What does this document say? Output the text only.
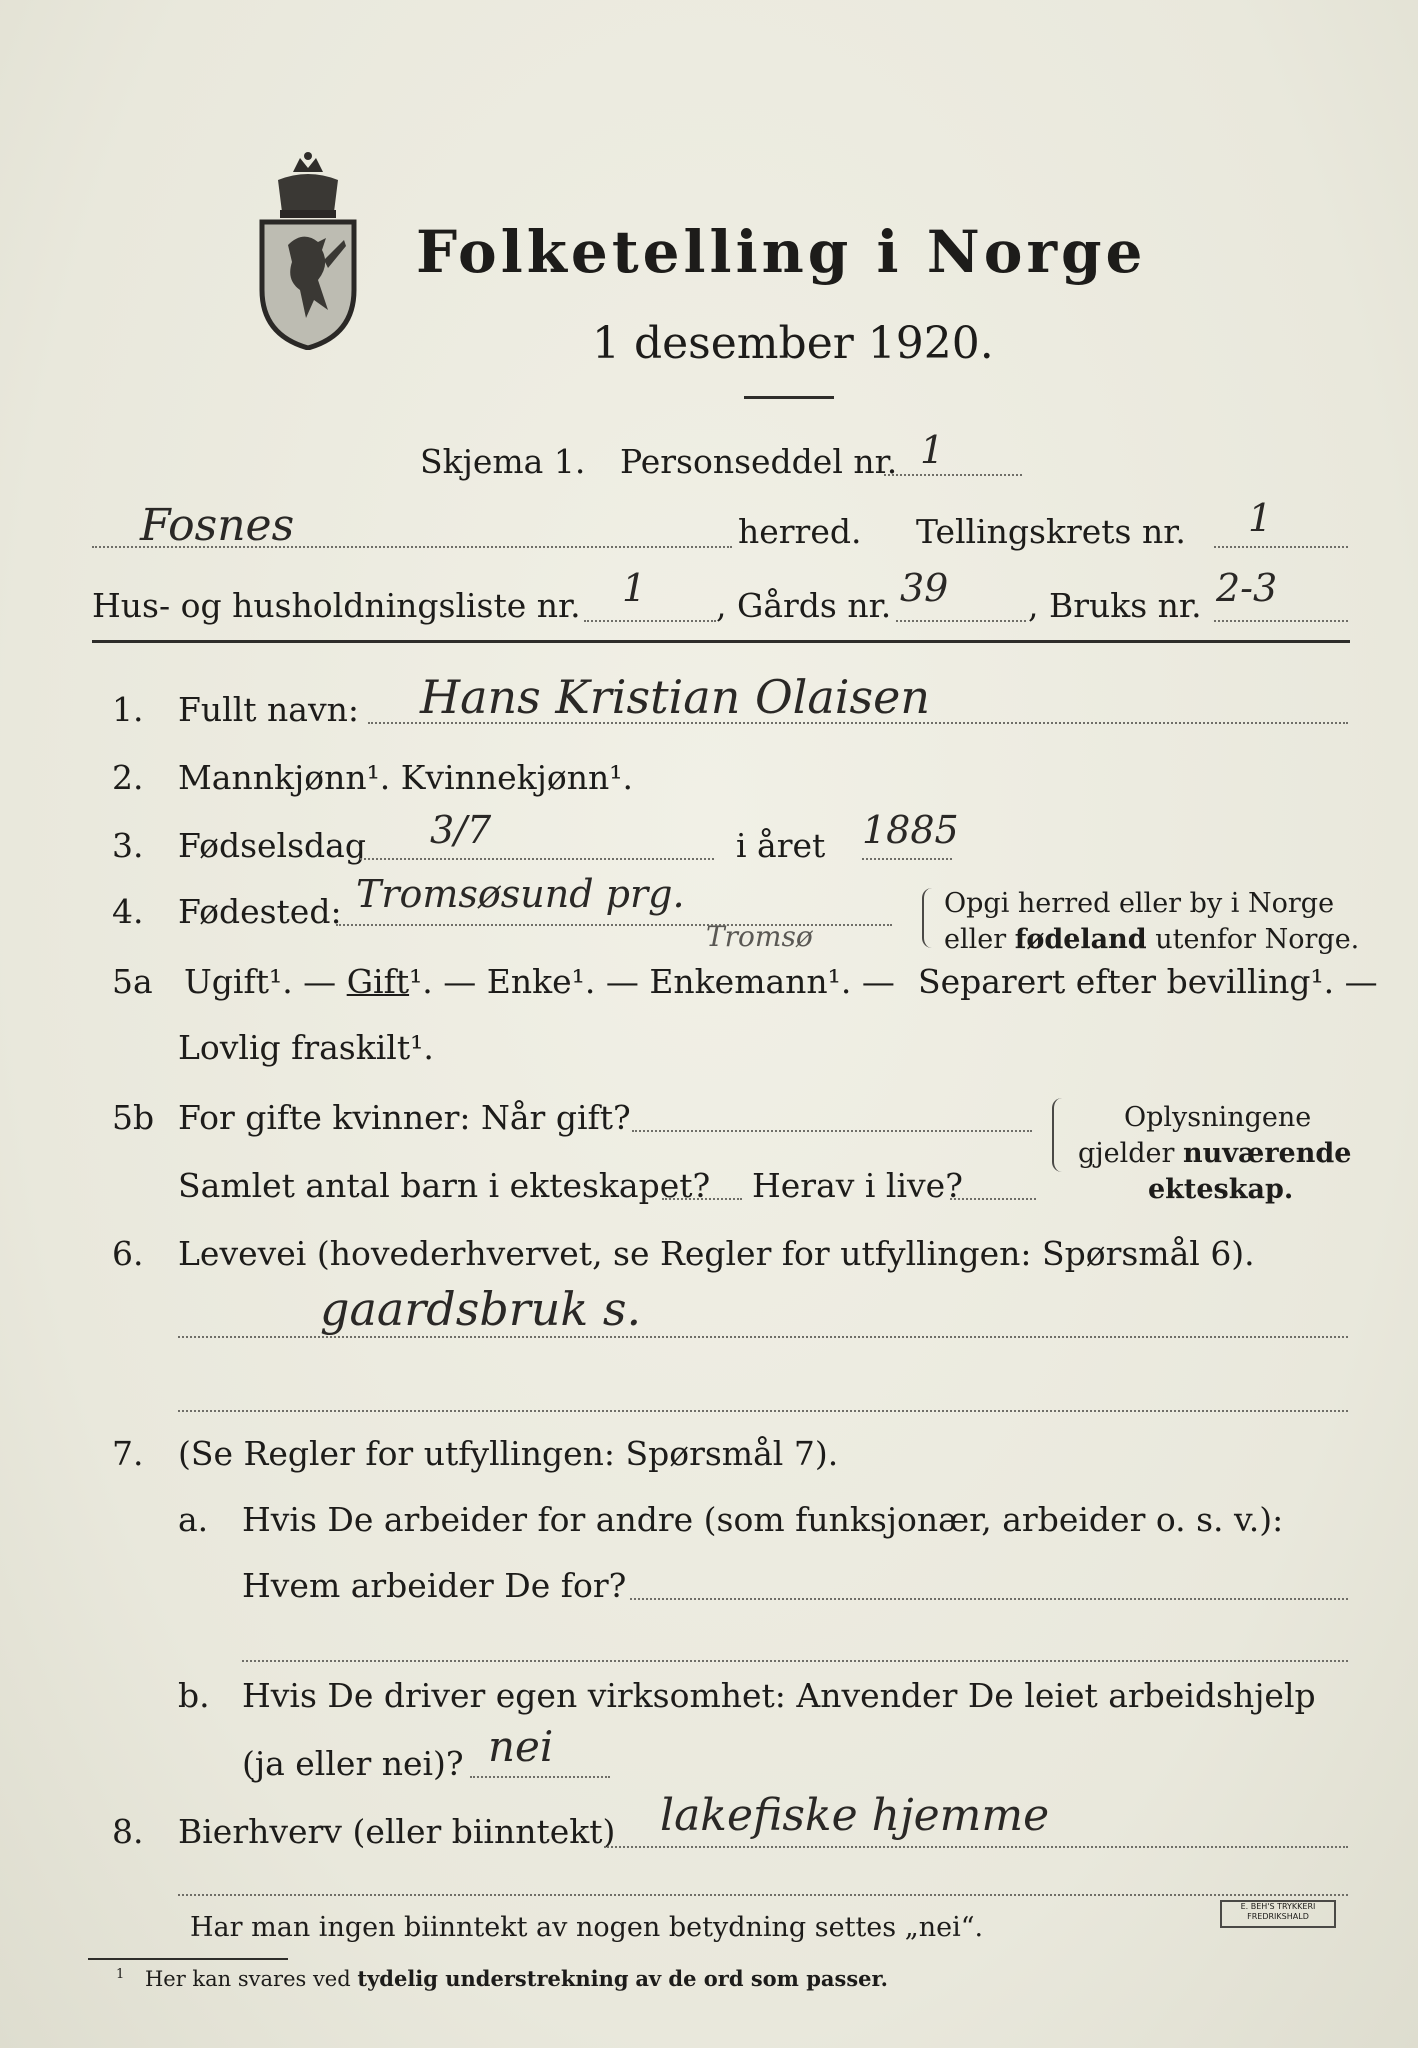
Folketelling i Norge
1 desember 1920.
Skjema 1. Personseddel nr. 1
Fosnes	herred. Tellingskrets nr. 1
Hus- og husholdningsliste nr. 1 , Gårds nr. 39 , Bruks nr. 2-3
1. Fullt navn: Hans Kristian Olaisen
2. Mannkjønn¹. Kvinnekjønn¹.
3. Fødselsdag 3/7	i året 1885
4. Fødested: Tromsøsund prg.
Tromsø
Opgi herred eller by i Norge
eller fødeland utenfor Norge.
5a Ugift¹. — Gift¹. — Enke¹. — Enkemann¹. — Separert efter bevilling¹. —
Lovlig fraskilt¹.
5b For gifte kvinner: Når gift?
Samlet antal barn i ekteskapet? Herav i live?
Oplysningene
gjelder nuværende
ekteskap.
6. Levevei (hovederhvervet, se Regler for utfyllingen: Spørsmål 6).
gaardsbruk s.
7. (Se Regler for utfyllingen: Spørsmål 7).
a. Hvis De arbeider for andre (som funksjonær, arbeider o. s. v.):
Hvem arbeider De for?
b. Hvis De driver egen virksomhet: Anvender De leiet arbeidshjelp
(ja eller nei)? nei
8. Bierhverv (eller biinntekt) lakefiske hjemme
Har man ingen biinntekt av nogen betydning settes „nei“.
$^1$ Her kan svares ved tydelig understrekning av de ord som passer.
E. BEH'S TRYKKERI FREDRIKSHALD
